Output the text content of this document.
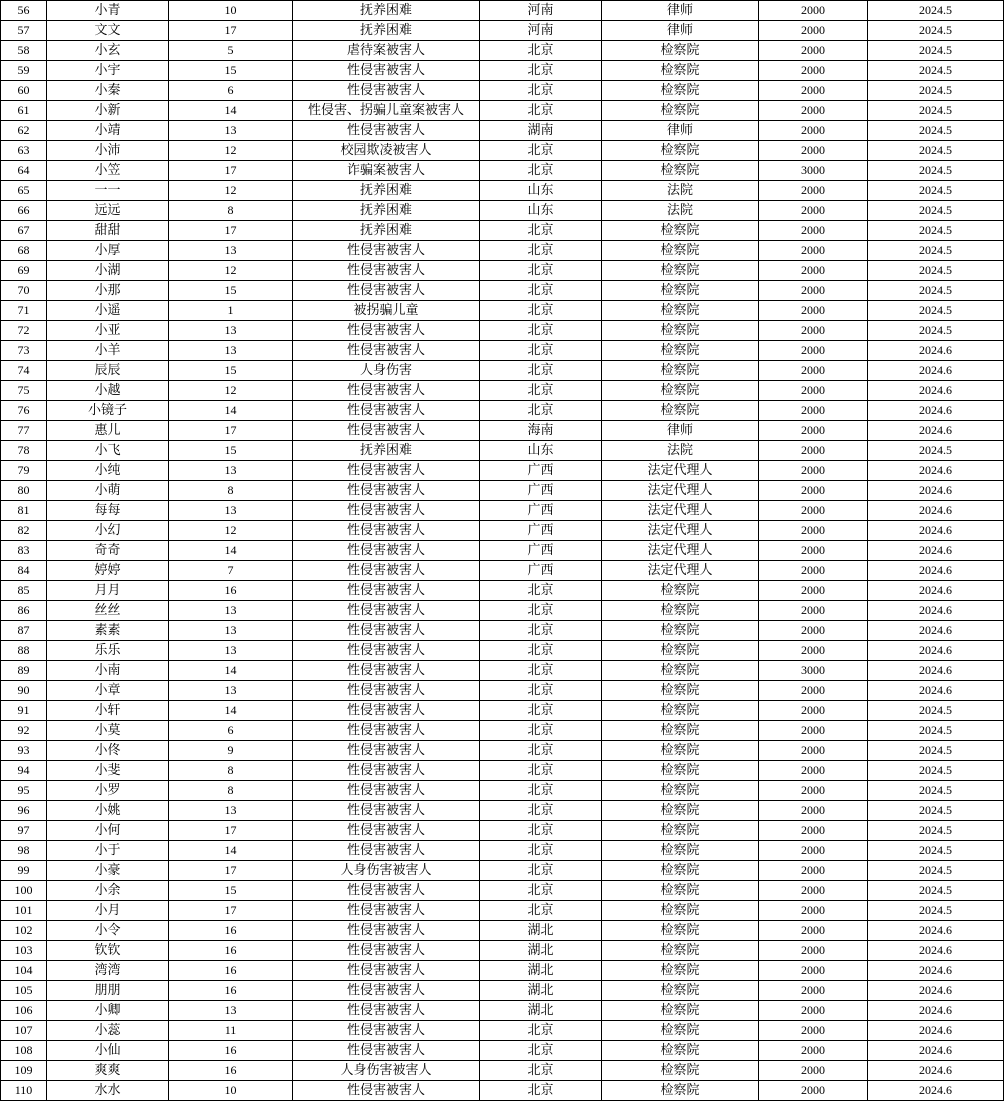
56	小青	10	抚养困难	河南	律师	2000	2024.5
57	文文	17	抚养困难	河南	律师	2000	2024.5
58	小玄	5	虐待案被害人	北京	检察院	2000	2024.5
59	小宇	15	性侵害被害人	北京	检察院	2000	2024.5
60	小秦	6	性侵害被害人	北京	检察院	2000	2024.5
61	小新	14	性侵害、拐骗儿童案被害人	北京	检察院	2000	2024.5
62	小靖	13	性侵害被害人	湖南	律师	2000	2024.5
63	小沛	12	校园欺凌被害人	北京	检察院	2000	2024.5
64	小笠	17	诈骗案被害人	北京	检察院	3000	2024.5
65	一一	12	抚养困难	山东	法院	2000	2024.5
66	远远	8	抚养困难	山东	法院	2000	2024.5
67	甜甜	17	抚养困难	北京	检察院	2000	2024.5
68	小厚	13	性侵害被害人	北京	检察院	2000	2024.5
69	小湖	12	性侵害被害人	北京	检察院	2000	2024.5
70	小那	15	性侵害被害人	北京	检察院	2000	2024.5
71	小遥	1	被拐骗儿童	北京	检察院	2000	2024.5
72	小亚	13	性侵害被害人	北京	检察院	2000	2024.5
73	小羊	13	性侵害被害人	北京	检察院	2000	2024.6
74	辰辰	15	人身伤害	北京	检察院	2000	2024.6
75	小越	12	性侵害被害人	北京	检察院	2000	2024.6
76	小镜子	14	性侵害被害人	北京	检察院	2000	2024.6
77	惠儿	17	性侵害被害人	海南	律师	2000	2024.6
78	小飞	15	抚养困难	山东	法院	2000	2024.5
79	小纯	13	性侵害被害人	广西	法定代理人	2000	2024.6
80	小萌	8	性侵害被害人	广西	法定代理人	2000	2024.6
81	每每	13	性侵害被害人	广西	法定代理人	2000	2024.6
82	小幻	12	性侵害被害人	广西	法定代理人	2000	2024.6
83	奇奇	14	性侵害被害人	广西	法定代理人	2000	2024.6
84	婷婷	7	性侵害被害人	广西	法定代理人	2000	2024.6
85	月月	16	性侵害被害人	北京	检察院	2000	2024.6
86	丝丝	13	性侵害被害人	北京	检察院	2000	2024.6
87	素素	13	性侵害被害人	北京	检察院	2000	2024.6
88	乐乐	13	性侵害被害人	北京	检察院	2000	2024.6
89	小南	14	性侵害被害人	北京	检察院	3000	2024.6
90	小章	13	性侵害被害人	北京	检察院	2000	2024.6
91	小轩	14	性侵害被害人	北京	检察院	2000	2024.5
92	小莫	6	性侵害被害人	北京	检察院	2000	2024.5
93	小佟	9	性侵害被害人	北京	检察院	2000	2024.5
94	小斐	8	性侵害被害人	北京	检察院	2000	2024.5
95	小罗	8	性侵害被害人	北京	检察院	2000	2024.5
96	小姚	13	性侵害被害人	北京	检察院	2000	2024.5
97	小何	17	性侵害被害人	北京	检察院	2000	2024.5
98	小于	14	性侵害被害人	北京	检察院	2000	2024.5
99	小豪	17	人身伤害被害人	北京	检察院	2000	2024.5
100	小余	15	性侵害被害人	北京	检察院	2000	2024.5
101	小月	17	性侵害被害人	北京	检察院	2000	2024.5
102	小令	16	性侵害被害人	湖北	检察院	2000	2024.6
103	钦钦	16	性侵害被害人	湖北	检察院	2000	2024.6
104	湾湾	16	性侵害被害人	湖北	检察院	2000	2024.6
105	朋朋	16	性侵害被害人	湖北	检察院	2000	2024.6
106	小卿	13	性侵害被害人	湖北	检察院	2000	2024.6
107	小蕊	11	性侵害被害人	北京	检察院	2000	2024.6
108	小仙	16	性侵害被害人	北京	检察院	2000	2024.6
109	爽爽	16	人身伤害被害人	北京	检察院	2000	2024.6
110	水水	10	性侵害被害人	北京	检察院	2000	2024.6
